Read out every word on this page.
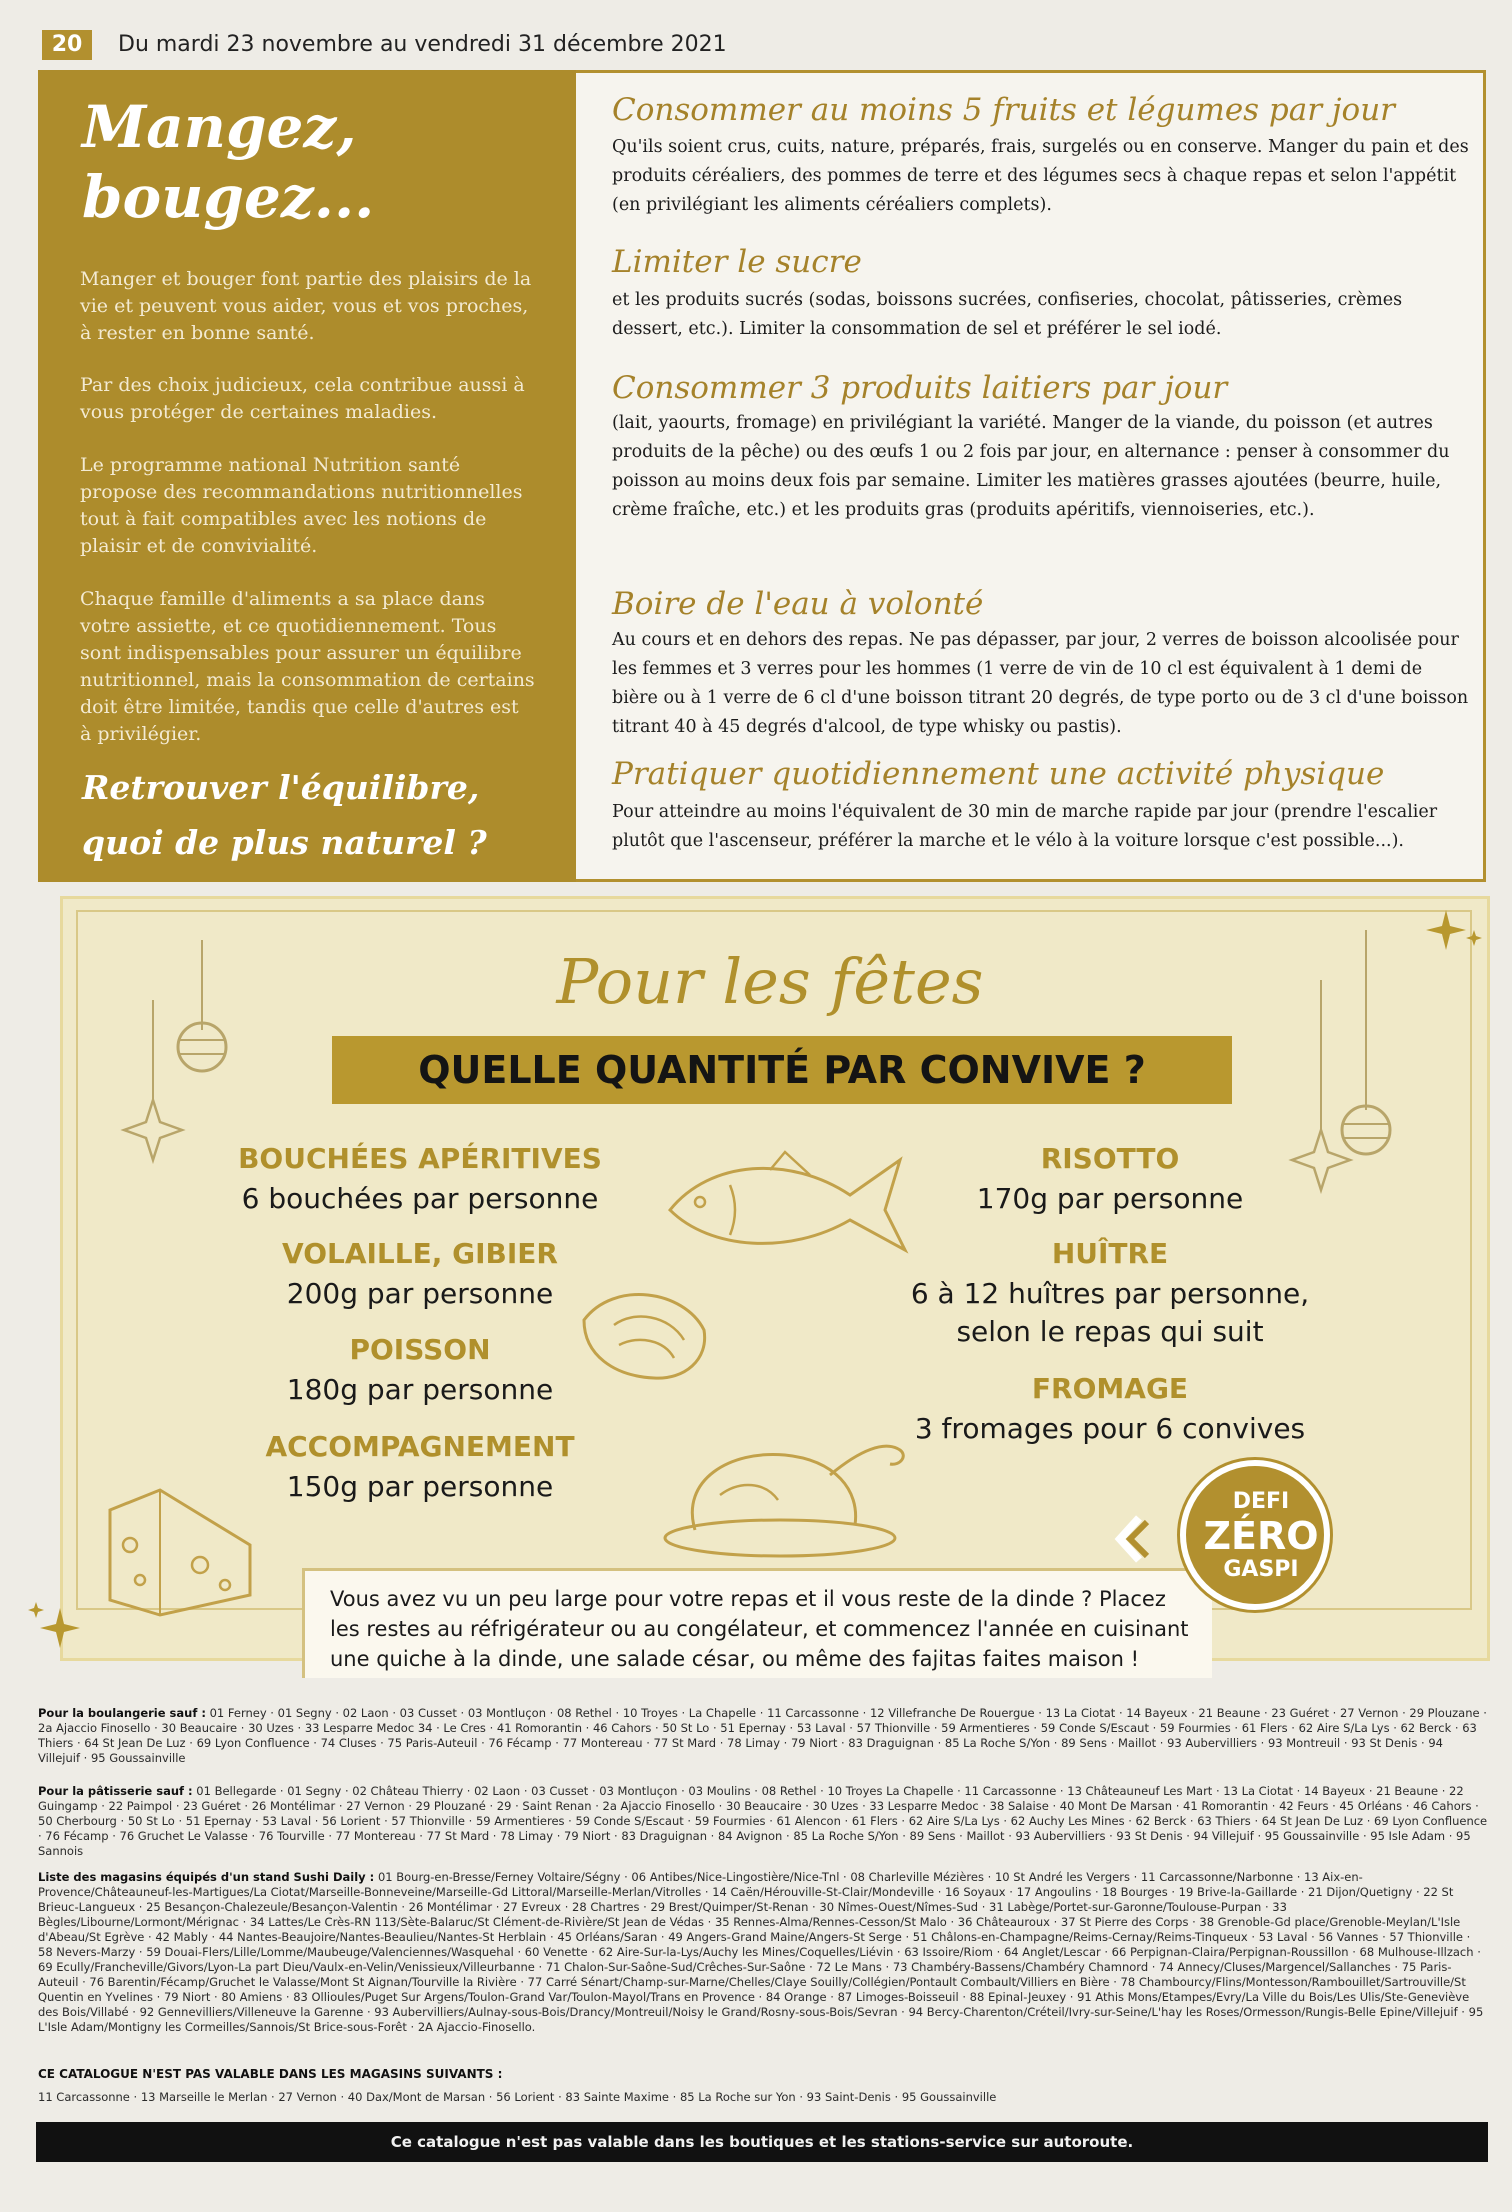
20	Du mardi 23 novembre au vendredi 31 décembre 2021
Mangez,
bougez...
Manger et bouger font partie des plaisirs de la vie et peuvent vous aider, vous et vos proches, à rester en bonne santé.
Par des choix judicieux, cela contribue aussi à vous protéger de certaines maladies.
Le programme national Nutrition santé propose des recommandations nutritionnelles tout à fait compatibles avec les notions de plaisir et de convivialité.
Chaque famille d'aliments a sa place dans votre assiette, et ce quotidiennement. Tous sont indispensables pour assurer un équilibre nutritionnel, mais la consommation de certains doit être limitée, tandis que celle d'autres est à privilégier.
Retrouver l'équilibre,
quoi de plus naturel ?
Consommer au moins 5 fruits et légumes par jour
Qu'ils soient crus, cuits, nature, préparés, frais, surgelés ou en conserve. Manger du pain et des produits céréaliers, des pommes de terre et des légumes secs à chaque repas et selon l'appétit (en privilégiant les aliments céréaliers complets).
Limiter le sucre
et les produits sucrés (sodas, boissons sucrées, confiseries, chocolat, pâtisseries, crèmes dessert, etc.). Limiter la consommation de sel et préférer le sel iodé.
Consommer 3 produits laitiers par jour
(lait, yaourts, fromage) en privilégiant la variété. Manger de la viande, du poisson (et autres produits de la pêche) ou des œufs 1 ou 2 fois par jour, en alternance : penser à consommer du poisson au moins deux fois par semaine. Limiter les matières grasses ajoutées (beurre, huile, crème fraîche, etc.) et les produits gras (produits apéritifs, viennoiseries, etc.).
Boire de l'eau à volonté
Au cours et en dehors des repas. Ne pas dépasser, par jour, 2 verres de boisson alcoolisée pour les femmes et 3 verres pour les hommes (1 verre de vin de 10 cl est équivalent à 1 demi de bière ou à 1 verre de 6 cl d'une boisson titrant 20 degrés, de type porto ou de 3 cl d'une boisson titrant 40 à 45 degrés d'alcool, de type whisky ou pastis).
Pratiquer quotidiennement une activité physique
Pour atteindre au moins l'équivalent de 30 min de marche rapide par jour (prendre l'escalier plutôt que l'ascenseur, préférer la marche et le vélo à la voiture lorsque c'est possible...).
Pour les fêtes
QUELLE QUANTITÉ PAR CONVIVE ?
BOUCHÉES APÉRITIVES
6 bouchées par personne
VOLAILLE, GIBIER
200g par personne
POISSON
180g par personne
ACCOMPAGNEMENT
150g par personne
RISOTTO
170g par personne
HUÎTRE
6 à 12 huîtres par personne, selon le repas qui suit
FROMAGE
3 fromages pour 6 convives
Vous avez vu un peu large pour votre repas et il vous reste de la dinde ? Placez les restes au réfrigérateur ou au congélateur, et commencez l'année en cuisinant une quiche à la dinde, une salade césar, ou même des fajitas faites maison !
DEFI
ZÉRO
GASPI
Pour la boulangerie sauf : 01 Ferney · 01 Segny · 02 Laon · 03 Cusset · 03 Montluçon · 08 Rethel · 10 Troyes · La Chapelle · 11 Carcassonne · 12 Villefranche De Rouergue · 13 La Ciotat · 14 Bayeux · 21 Beaune · 23 Guéret · 27 Vernon · 29 Plouzane · 2a Ajaccio Finosello · 30 Beaucaire · 30 Uzes · 33 Lesparre Medoc 34 · Le Cres · 41 Romorantin · 46 Cahors · 50 St Lo · 51 Epernay · 53 Laval · 57 Thionville · 59 Armentieres · 59 Conde S/Escaut · 59 Fourmies · 61 Flers · 62 Aire S/La Lys · 62 Berck · 63 Thiers · 64 St Jean De Luz · 69 Lyon Confluence · 74 Cluses · 75 Paris-Auteuil · 76 Fécamp · 77 Montereau · 77 St Mard · 78 Limay · 79 Niort · 83 Draguignan · 85 La Roche S/Yon · 89 Sens · Maillot · 93 Aubervilliers · 93 Montreuil · 93 St Denis · 94 Villejuif · 95 Goussainville
Pour la pâtisserie sauf : 01 Bellegarde · 01 Segny · 02 Château Thierry · 02 Laon · 03 Cusset · 03 Montluçon · 03 Moulins · 08 Rethel · 10 Troyes La Chapelle · 11 Carcassonne · 13 Châteauneuf Les Mart · 13 La Ciotat · 14 Bayeux · 21 Beaune · 22 Guingamp · 22 Paimpol · 23 Guéret · 26 Montélimar · 27 Vernon · 29 Plouzané · 29 · Saint Renan · 2a Ajaccio Finosello · 30 Beaucaire · 30 Uzes · 33 Lesparre Medoc · 38 Salaise · 40 Mont De Marsan · 41 Romorantin · 42 Feurs · 45 Orléans · 46 Cahors · 50 Cherbourg · 50 St Lo · 51 Epernay · 53 Laval · 56 Lorient · 57 Thionville · 59 Armentieres · 59 Conde S/Escaut · 59 Fourmies · 61 Alencon · 61 Flers · 62 Aire S/La Lys · 62 Auchy Les Mines · 62 Berck · 63 Thiers · 64 St Jean De Luz · 69 Lyon Confluence · 76 Fécamp · 76 Gruchet Le Valasse · 76 Tourville · 77 Montereau · 77 St Mard · 78 Limay · 79 Niort · 83 Draguignan · 84 Avignon · 85 La Roche S/Yon · 89 Sens · Maillot · 93 Aubervilliers · 93 St Denis · 94 Villejuif · 95 Goussainville · 95 Isle Adam · 95 Sannois
Liste des magasins équipés d'un stand Sushi Daily : 01 Bourg-en-Bresse/Ferney Voltaire/Ségny · 06 Antibes/Nice-Lingostière/Nice-Tnl · 08 Charleville Mézières · 10 St André les Vergers · 11 Carcassonne/Narbonne · 13 Aix-en-Provence/Châteauneuf-les-Martigues/La Ciotat/Marseille-Bonneveine/Marseille-Gd Littoral/Marseille-Merlan/Vitrolles · 14 Caën/Hérouville-St-Clair/Mondeville · 16 Soyaux · 17 Angoulins · 18 Bourges · 19 Brive-la-Gaillarde · 21 Dijon/Quetigny · 22 St Brieuc-Langueux · 25 Besançon-Chalezeule/Besançon-Valentin · 26 Montélimar · 27 Evreux · 28 Chartres · 29 Brest/Quimper/St-Renan · 30 Nîmes-Ouest/Nîmes-Sud · 31 Labège/Portet-sur-Garonne/Toulouse-Purpan · 33 Bègles/Libourne/Lormont/Mérignac · 34 Lattes/Le Crès-RN 113/Sète-Balaruc/St Clément-de-Rivière/St Jean de Védas · 35 Rennes-Alma/Rennes-Cesson/St Malo · 36 Châteauroux · 37 St Pierre des Corps · 38 Grenoble-Gd place/Grenoble-Meylan/L'Isle d'Abeau/St Egrève · 42 Mably · 44 Nantes-Beaujoire/Nantes-Beaulieu/Nantes-St Herblain · 45 Orléans/Saran · 49 Angers-Grand Maine/Angers-St Serge · 51 Châlons-en-Champagne/Reims-Cernay/Reims-Tinqueux · 53 Laval · 56 Vannes · 57 Thionville · 58 Nevers-Marzy · 59 Douai-Flers/Lille/Lomme/Maubeuge/Valenciennes/Wasquehal · 60 Venette · 62 Aire-Sur-la-Lys/Auchy les Mines/Coquelles/Liévin · 63 Issoire/Riom · 64 Anglet/Lescar · 66 Perpignan-Claira/Perpignan-Roussillon · 68 Mulhouse-Illzach · 69 Ecully/Francheville/Givors/Lyon-La part Dieu/Vaulx-en-Velin/Venissieux/Villeurbanne · 71 Chalon-Sur-Saône-Sud/Crêches-Sur-Saône · 72 Le Mans · 73 Chambéry-Bassens/Chambéry Chamnord · 74 Annecy/Cluses/Margencel/Sallanches · 75 Paris-Auteuil · 76 Barentin/Fécamp/Gruchet le Valasse/Mont St Aignan/Tourville la Rivière · 77 Carré Sénart/Champ-sur-Marne/Chelles/Claye Souilly/Collégien/Pontault Combault/Villiers en Bière · 78 Chambourcy/Flins/Montesson/Rambouillet/Sartrouville/St Quentin en Yvelines · 79 Niort · 80 Amiens · 83 Ollioules/Puget Sur Argens/Toulon-Grand Var/Toulon-Mayol/Trans en Provence · 84 Orange · 87 Limoges-Boisseuil · 88 Epinal-Jeuxey · 91 Athis Mons/Etampes/Evry/La Ville du Bois/Les Ulis/Ste-Geneviève des Bois/Villabé · 92 Gennevilliers/Villeneuve la Garenne · 93 Aubervilliers/Aulnay-sous-Bois/Drancy/Montreuil/Noisy le Grand/Rosny-sous-Bois/Sevran · 94 Bercy-Charenton/Créteil/Ivry-sur-Seine/L'hay les Roses/Ormesson/Rungis-Belle Epine/Villejuif · 95 L'Isle Adam/Montigny les Cormeilles/Sannois/St Brice-sous-Forêt · 2A Ajaccio-Finosello.
CE CATALOGUE N'EST PAS VALABLE DANS LES MAGASINS SUIVANTS :
11 Carcassonne · 13 Marseille le Merlan · 27 Vernon · 40 Dax/Mont de Marsan · 56 Lorient · 83 Sainte Maxime · 85 La Roche sur Yon · 93 Saint-Denis · 95 Goussainville
Ce catalogue n'est pas valable dans les boutiques et les stations-service sur autoroute.
